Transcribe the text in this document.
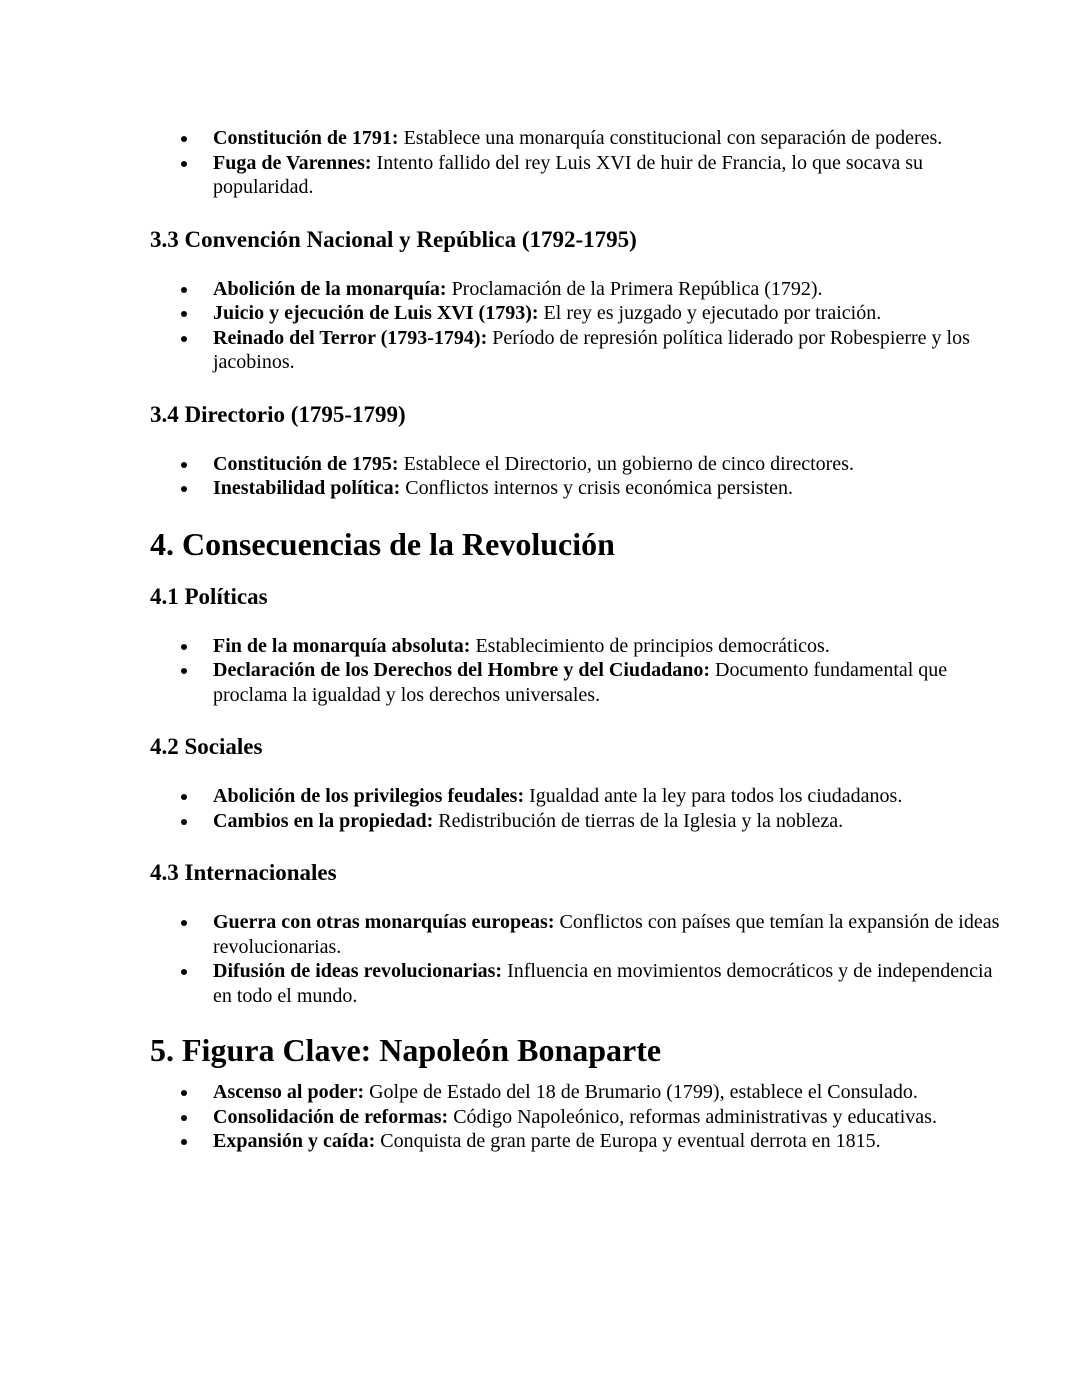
Constitución de 1791: Establece una monarquía constitucional con separación de poderes.
Fuga de Varennes: Intento fallido del rey Luis XVI de huir de Francia, lo que socava su popularidad.
3.3 Convención Nacional y República (1792-1795)
Abolición de la monarquía: Proclamación de la Primera República (1792).
Juicio y ejecución de Luis XVI (1793): El rey es juzgado y ejecutado por traición.
Reinado del Terror (1793-1794): Período de represión política liderado por Robespierre y los jacobinos.
3.4 Directorio (1795-1799)
Constitución de 1795: Establece el Directorio, un gobierno de cinco directores.
Inestabilidad política: Conflictos internos y crisis económica persisten.
4. Consecuencias de la Revolución
4.1 Políticas
Fin de la monarquía absoluta: Establecimiento de principios democráticos.
Declaración de los Derechos del Hombre y del Ciudadano: Documento fundamental que proclama la igualdad y los derechos universales.
4.2 Sociales
Abolición de los privilegios feudales: Igualdad ante la ley para todos los ciudadanos.
Cambios en la propiedad: Redistribución de tierras de la Iglesia y la nobleza.
4.3 Internacionales
Guerra con otras monarquías europeas: Conflictos con países que temían la expansión de ideas revolucionarias.
Difusión de ideas revolucionarias: Influencia en movimientos democráticos y de independencia en todo el mundo.
5. Figura Clave: Napoleón Bonaparte
Ascenso al poder: Golpe de Estado del 18 de Brumario (1799), establece el Consulado.
Consolidación de reformas: Código Napoleónico, reformas administrativas y educativas.
Expansión y caída: Conquista de gran parte de Europa y eventual derrota en 1815.
